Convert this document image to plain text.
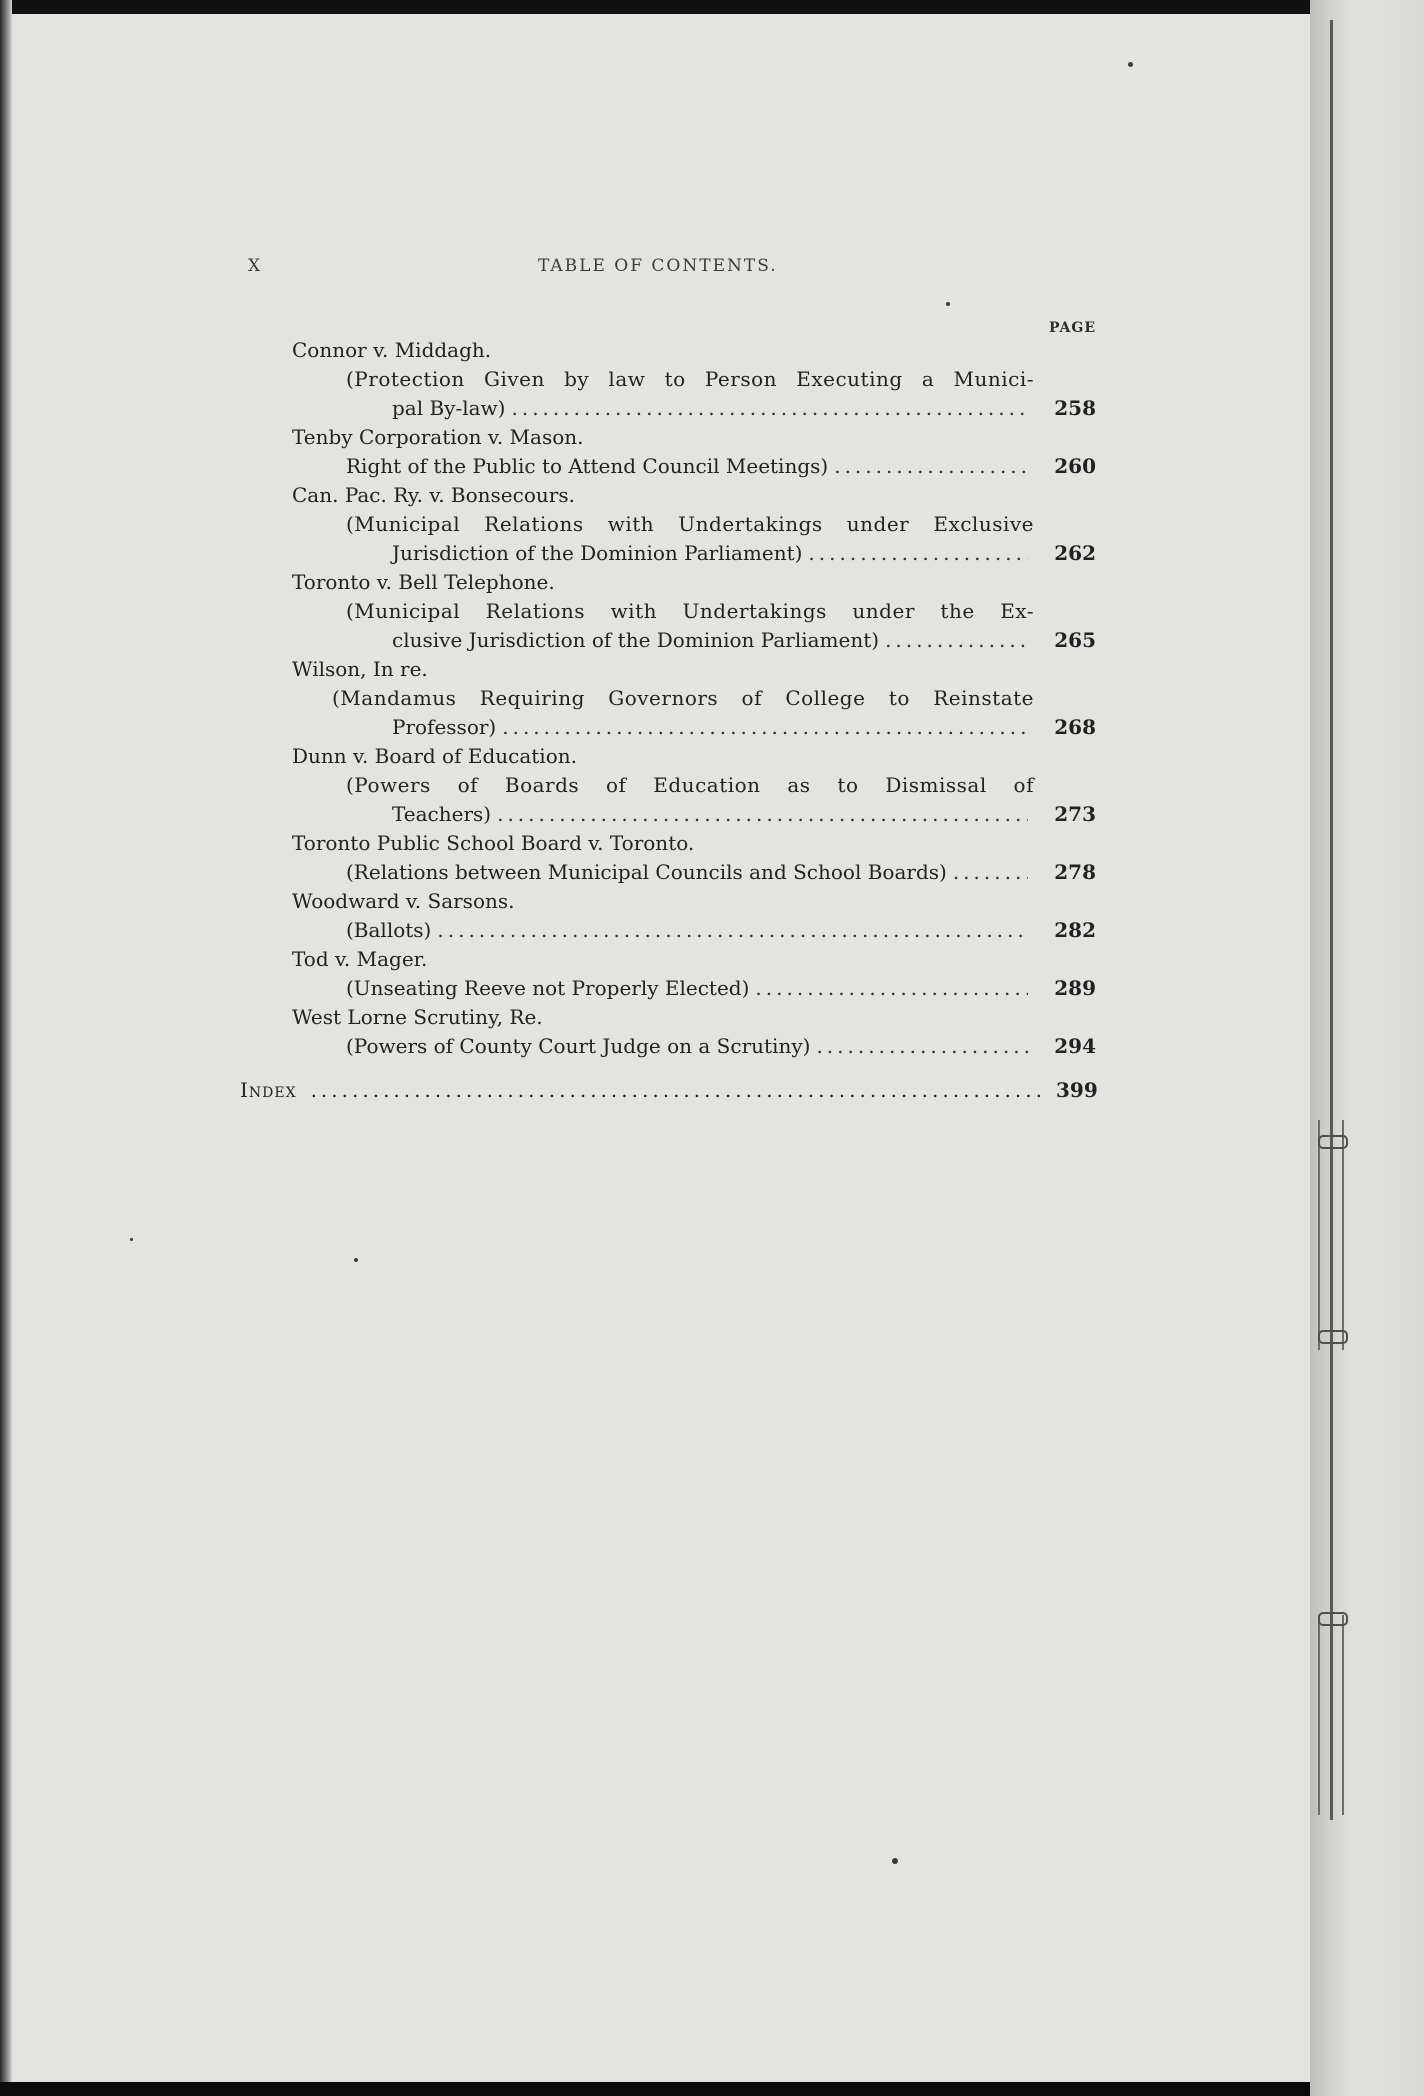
X	TABLE OF CONTENTS.
PAGE
Connor v. Middagh.
(Protection Given by law to Person Executing a Munici-
pal By-law) .....	258
Tenby Corporation v. Mason.
Right of the Public to Attend Council Meetings) .....	260
Can. Pac. Ry. v. Bonsecours.
(Municipal Relations with Undertakings under Exclusive
Jurisdiction of the Dominion Parliament) .....	262
Toronto v. Bell Telephone.
(Municipal Relations with Undertakings under the Ex-
clusive Jurisdiction of the Dominion Parliament) .....	265
Wilson, In re.
(Mandamus Requiring Governors of College to Reinstate
Professor) .....	268
Dunn v. Board of Education.
(Powers of Boards of Education as to Dismissal of
Teachers) .....	273
Toronto Public School Board v. Toronto.
(Relations between Municipal Councils and School Boards) .....	278
Woodward v. Sarsons.
(Ballots) .....	282
Tod v. Mager.
(Unseating Reeve not Properly Elected) .....	289
West Lorne Scrutiny, Re.
(Powers of County Court Judge on a Scrutiny) .....	294
Index .....	399
